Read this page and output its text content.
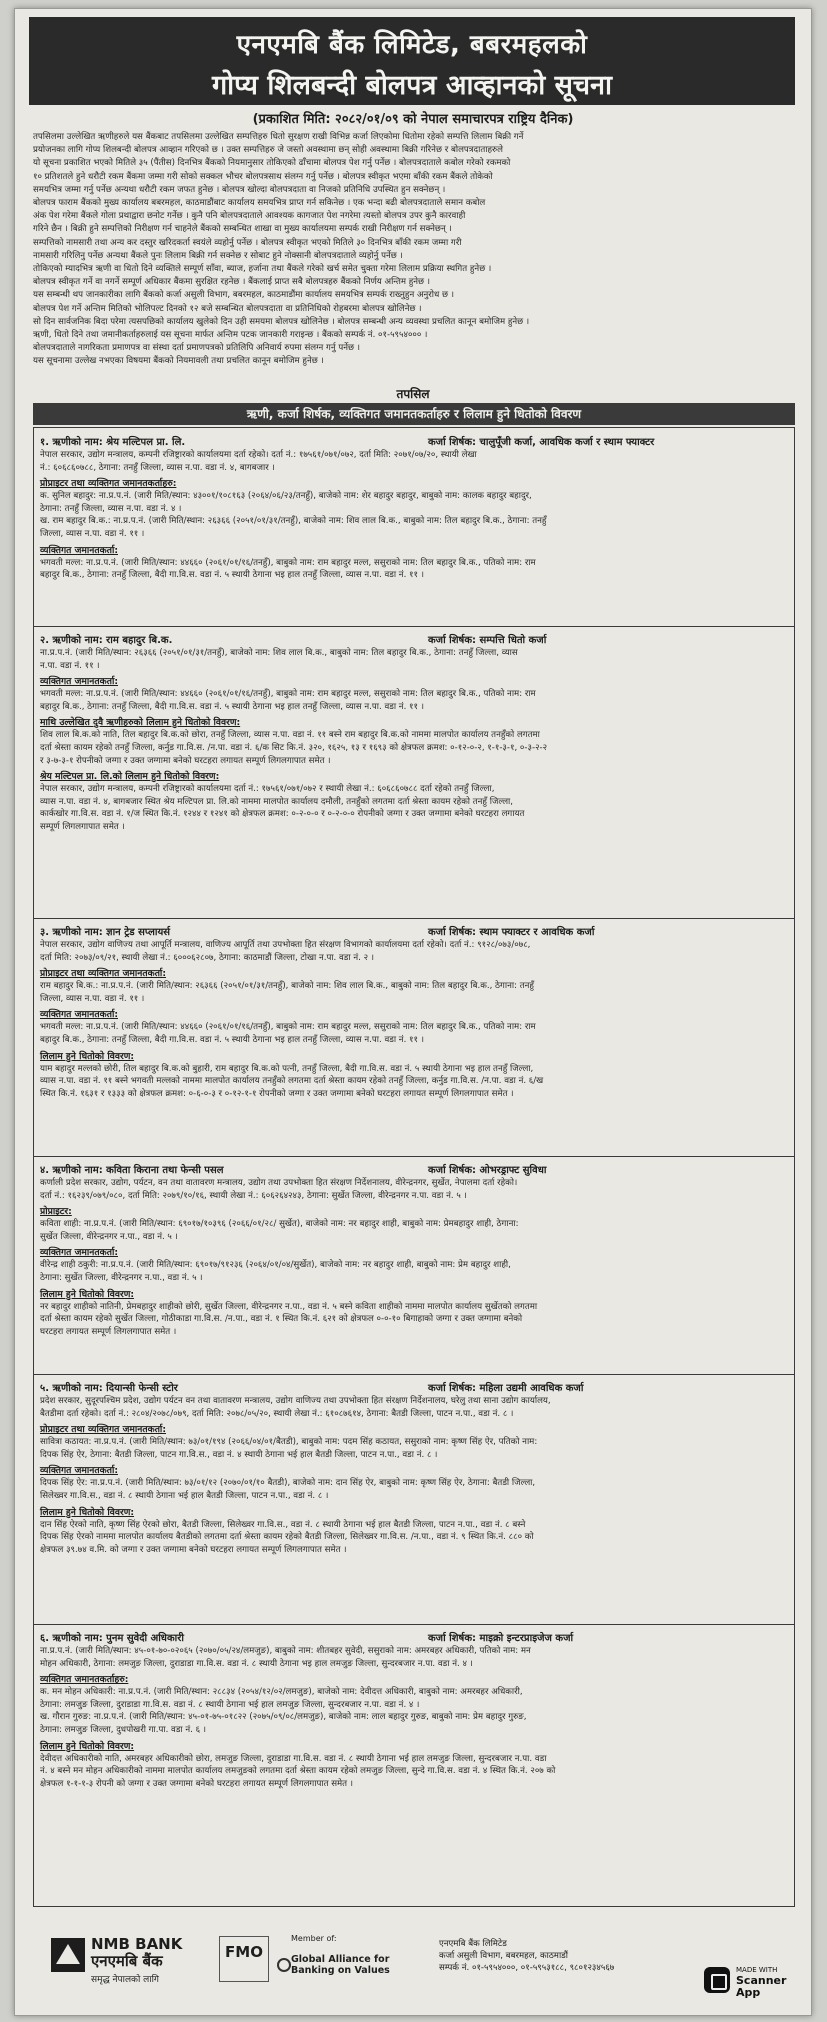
एनएमबि बैंक लिमिटेड, बबरमहलको
गोप्य शिलबन्दी बोलपत्र आव्हानको सूचना
(प्रकाशित मिति: २०८२/०१/०९ को नेपाल समाचारपत्र राष्ट्रिय दैनिक)
तपसिलमा उल्लेखित ऋणीहरुले यस बैंकबाट तपसिलमा उल्लेखित सम्पत्तिहरु धितो सुरक्षण राखी विभिन्न कर्जा लिएकोमा धितोमा रहेको सम्पत्ति लिलाम बिक्री गर्ने
प्रयोजनका लागि गोप्य शिलबन्दी बोलपत्र आव्हान गरिएको छ । उक्त सम्पत्तिहरु जे जस्तो अवस्थामा छन् सोही अवस्थामा बिक्री गरिनेछ र बोलपत्रदाताहरुले
यो सूचना प्रकाशित भएको मितिले ३५ (पैंतीस) दिनभित्र बैंकको नियमानुसार तोकिएको ढाँचामा बोलपत्र पेश गर्नु पर्नेछ । बोलपत्रदाताले कबोल गरेको रकमको
१० प्रतिशतले हुने धरौटी रकम बैंकमा जम्मा गरी सोको सक्कल भौचर बोलपत्रसाथ संलग्न गर्नु पर्नेछ । बोलपत्र स्वीकृत भएमा बाँकी रकम बैंकले तोकेको
समयभित्र जम्मा गर्नु पर्नेछ अन्यथा धरौटी रकम जफत हुनेछ । बोलपत्र खोल्दा बोलपत्रदाता वा निजको प्रतिनिधि उपस्थित हुन सक्नेछन् ।
बोलपत्र फाराम बैंकको मुख्य कार्यालय बबरमहल, काठमाडौंबाट कार्यालय समयभित्र प्राप्त गर्न सकिनेछ । एक भन्दा बढी बोलपत्रदाताले समान कबोल
अंक पेश गरेमा बैंकले गोला प्रथाद्वारा छनोट गर्नेछ । कुनै पनि बोलपत्रदाताले आवश्यक कागजात पेश नगरेमा त्यस्तो बोलपत्र उपर कुनै कारवाही
गरिने छैन । बिक्री हुने सम्पत्तिको निरीक्षण गर्न चाहनेले बैंकको सम्बन्धित शाखा वा मुख्य कार्यालयमा सम्पर्क राखी निरीक्षण गर्न सक्नेछन् ।
सम्पत्तिको नामसारी तथा अन्य कर दस्तुर खरिदकर्ता स्वयंले व्यहोर्नु पर्नेछ । बोलपत्र स्वीकृत भएको मितिले ३० दिनभित्र बाँकी रकम जम्मा गरी
नामसारी गरिलिनु पर्नेछ अन्यथा बैंकले पुनः लिलाम बिक्री गर्न सक्नेछ र सोबाट हुने नोक्सानी बोलपत्रदाताले व्यहोर्नु पर्नेछ ।
तोकिएको म्यादभित्र ऋणी वा धितो दिने व्यक्तिले सम्पूर्ण साँवा, ब्याज, हर्जाना तथा बैंकले गरेको खर्च समेत चुक्ता गरेमा लिलाम प्रक्रिया स्थगित हुनेछ ।
बोलपत्र स्वीकृत गर्ने वा नगर्ने सम्पूर्ण अधिकार बैंकमा सुरक्षित रहनेछ । बैंकलाई प्राप्त सबै बोलपत्रहरु बैंकको निर्णय अन्तिम हुनेछ ।
यस सम्बन्धी थप जानकारीका लागि बैंकको कर्जा असुली विभाग, बबरमहल, काठमाडौंमा कार्यालय समयभित्र सम्पर्क राख्नुहुन अनुरोध छ ।
बोलपत्र पेश गर्ने अन्तिम मितिको भोलिपल्ट दिनको १२ बजे सम्बन्धित बोलपत्रदाता वा प्रतिनिधिको रोहबरमा बोलपत्र खोलिनेछ ।
सो दिन सार्वजनिक बिदा परेमा त्यसपछिको कार्यालय खुलेको दिन उही समयमा बोलपत्र खोलिनेछ । बोलपत्र सम्बन्धी अन्य व्यवस्था प्रचलित कानून बमोजिम हुनेछ ।
ऋणी, धितो दिने तथा जमानीकर्ताहरुलाई यस सूचना मार्फत अन्तिम पटक जानकारी गराइन्छ । बैंकको सम्पर्क नं. ०१-५९५४००० ।
बोलपत्रदाताले नागरिकता प्रमाणपत्र वा संस्था दर्ता प्रमाणपत्रको प्रतिलिपि अनिवार्य रुपमा संलग्न गर्नु पर्नेछ ।
यस सूचनामा उल्लेख नभएका विषयमा बैंकको नियमावली तथा प्रचलित कानून बमोजिम हुनेछ ।
तपसिल
ऋणी, कर्जा शिर्षक, व्यक्तिगत जमानतकर्ताहरु र लिलाम हुने धितोको विवरण
१. ऋणीको नाम: श्रेय मल्टिपल प्रा. लि.	कर्जा शिर्षक: चालुपूँजी कर्जा, आवधिक कर्जा र स्थाम फ्याक्टर
नेपाल सरकार, उद्योग मन्त्रालय, कम्पनी रजिष्ट्रारको कार्यालयमा दर्ता रहेको। दर्ता नं.: १७५६१/०७१/०७२, दर्ता मिति: २०७१/०७/२०, स्थायी लेखा
नं.: ६०६८६०७८८, ठेगाना: तनहुँ जिल्ला, व्यास न.पा. वडा नं. ४, बागबजार ।
प्रोप्राइटर तथा व्यक्तिगत जमानतकर्ताहरु:
क. सुनिल बहादुर: ना.प्र.प.नं. (जारी मिति/स्थान: ४३००१/१०८१६३ (२०६४/०६/२३/तनहुँ), बाजेको नाम: शेर बहादुर बहादुर, बाबुको नाम: कालक बहादुर बहादुर,
ठेगाना: तनहुँ जिल्ला, व्यास न.पा. वडा नं. ४ ।
ख. राम बहादुर बि.क.: ना.प्र.प.नं. (जारी मिति/स्थान: २६३६६ (२०५१/०१/३१/तनहुँ), बाजेको नाम: शिव लाल बि.क., बाबुको नाम: तिल बहादुर बि.क., ठेगाना: तनहुँ
जिल्ला, व्यास न.पा. वडा नं. ११ ।
व्यक्तिगत जमानतकर्ता:
भगवती मल्ल: ना.प्र.प.नं. (जारी मिति/स्थान: ४४६६० (२०६१/०१/१६/तनहुँ), बाबुको नाम: राम बहादुर मल्ल, ससुराको नाम: तिल बहादुर बि.क., पतिको नाम: राम
बहादुर बि.क., ठेगाना: तनहुँ जिल्ला, बैदी गा.वि.स. वडा नं. ५ स्थायी ठेगाना भइ हाल तनहुँ जिल्ला, व्यास न.पा. वडा नं. ११ ।
२. ऋणीको नाम: राम बहादुर बि.क.	कर्जा शिर्षक: सम्पत्ति धितो कर्जा
ना.प्र.प.नं. (जारी मिति/स्थान: २६३६६ (२०५१/०१/३१/तनहुँ), बाजेको नाम: शिव लाल बि.क., बाबुको नाम: तिल बहादुर बि.क., ठेगाना: तनहुँ जिल्ला, व्यास
न.पा. वडा नं. ११ ।
व्यक्तिगत जमानतकर्ता:
भगवती मल्ल: ना.प्र.प.नं. (जारी मिति/स्थान: ४४६६० (२०६१/०१/१६/तनहुँ), बाबुको नाम: राम बहादुर मल्ल, ससुराको नाम: तिल बहादुर बि.क., पतिको नाम: राम
बहादुर बि.क., ठेगाना: तनहुँ जिल्ला, बैदी गा.वि.स. वडा नं. ५ स्थायी ठेगाना भइ हाल तनहुँ जिल्ला, व्यास न.पा. वडा नं. ११ ।
माथि उल्लेखित दुवै ऋणीहरुको लिलाम हुने धितोको विवरण:
शिव लाल बि.क.को नाति, तिल बहादुर बि.क.को छोरा, तनहुँ जिल्ला, व्यास न.पा. वडा नं. ११ बस्ने राम बहादुर बि.क.को नाममा मालपोत कार्यालय तनहुँको लगतमा
दर्ता श्रेस्ता कायम रहेको तनहुँ जिल्ला, कर्नुड गा.वि.स. /न.पा. वडा नं. ६/क सिट कि.नं. ३२०, १६२५, १३ र १६९३ को क्षेत्रफल क्रमश: ०-१२-०-२, १-१-३-१, ०-३-२-२
र ३-७-३-१ रोपनीको जग्गा र उक्त जग्गामा बनेको घरटहरा लगायत सम्पूर्ण लिगलगापात समेत ।
श्रेय मल्टिपल प्रा. लि.को लिलाम हुने धितोको विवरण:
नेपाल सरकार, उद्योग मन्त्रालय, कम्पनी रजिष्ट्रारको कार्यालयमा दर्ता नं.: १७५६१/०७१/०७२ र स्थायी लेखा नं.: ६०६८६०७८८ दर्ता रहेको तनहुँ जिल्ला,
व्यास न.पा. वडा नं. ४, बागबजार स्थित श्रेय मल्टिपल प्रा. लि.को नाममा मालपोत कार्यालय दमौली, तनहुँको लगतमा दर्ता श्रेस्ता कायम रहेको तनहुँ जिल्ला,
कार्कखोर गा.वि.स. वडा नं. १/ज स्थित कि.नं. १२४४ र १२४१ को क्षेत्रफल क्रमश: ०-२-०-० र ०-२-०-० रोपनीको जग्गा र उक्त जग्गामा बनेको घरटहरा लगायत
सम्पूर्ण लिगलगापात समेत ।
३. ऋणीको नाम: ज्ञान ट्रेड सप्लायर्स	कर्जा शिर्षक: स्थाम फ्याक्टर र आवधिक कर्जा
नेपाल सरकार, उद्योग वाणिज्य तथा आपूर्ति मन्त्रालय, वाणिज्य आपूर्ति तथा उपभोक्ता हित संरक्षण विभागको कार्यालयमा दर्ता रहेको। दर्ता नं.: ९१२८/०७३/०७८,
दर्ता मिति: २०७३/०९/२१, स्थायी लेखा नं.: ६०००६२८०७, ठेगाना: काठमाडौं जिल्ला, टोखा न.पा. वडा नं. २ ।
प्रोप्राइटर तथा व्यक्तिगत जमानतकर्ता:
राम बहादुर बि.क.: ना.प्र.प.नं. (जारी मिति/स्थान: २६३६६ (२०५१/०१/३१/तनहुँ), बाजेको नाम: शिव लाल बि.क., बाबुको नाम: तिल बहादुर बि.क., ठेगाना: तनहुँ
जिल्ला, व्यास न.पा. वडा नं. ११ ।
व्यक्तिगत जमानतकर्ता:
भगवती मल्ल: ना.प्र.प.नं. (जारी मिति/स्थान: ४४६६० (२०६१/०१/१६/तनहुँ), बाबुको नाम: राम बहादुर मल्ल, ससुराको नाम: तिल बहादुर बि.क., पतिको नाम: राम
बहादुर बि.क., ठेगाना: तनहुँ जिल्ला, बैदी गा.वि.स. वडा नं. ५ स्थायी ठेगाना भइ हाल तनहुँ जिल्ला, व्यास न.पा. वडा नं. ११ ।
लिलाम हुने धितोको विवरण:
याम बहादुर मल्लको छोरी, तिल बहादुर बि.क.को बुहारी, राम बहादुर बि.क.को पत्नी, तनहुँ जिल्ला, बैदी गा.वि.स. वडा नं. ५ स्थायी ठेगाना भइ हाल तनहुँ जिल्ला,
व्यास न.पा. वडा नं. ११ बस्ने भगवती मल्लको नाममा मालपोत कार्यालय तनहुँको लगतमा दर्ता श्रेस्ता कायम रहेको तनहुँ जिल्ला, कर्नुड गा.वि.स. /न.पा. वडा नं. ६/ख
स्थित कि.नं. १६३१ र १३३३ को क्षेत्रफल क्रमश: ०-६-०-३ र ०-१२-१-१ रोपनीको जग्गा र उक्त जग्गामा बनेको घरटहरा लगायत सम्पूर्ण लिगलगापात समेत ।
४. ऋणीको नाम: कविता किराना तथा फेन्सी पसल	कर्जा शिर्षक: ओभरड्राफ्ट सुविधा
कर्णाली प्रदेश सरकार, उद्योग, पर्यटन, वन तथा वातावरण मन्त्रालय, उद्योग तथा उपभोक्ता हित संरक्षण निर्देशनालय, वीरेन्द्रनगर, सुर्खेत, नेपालमा दर्ता रहेको।
दर्ता नं.: १६२३९/०७९/०८०, दर्ता मिति: २०७९/१०/१६, स्थायी लेखा नं.: ६०६२६४२४३, ठेगाना: सुर्खेत जिल्ला, वीरेन्द्रनगर न.पा. वडा नं. ५ ।
प्रोप्राइटर:
कविता शाही: ना.प्र.प.नं. (जारी मिति/स्थान: ६९०१७/१०३९६ (२०६६/०१/२८/ सुर्खेत), बाजेको नाम: नर बहादुर शाही, बाबुको नाम: प्रेमबहादुर शाही, ठेगाना:
सुर्खेत जिल्ला, वीरेन्द्रनगर न.पा., वडा नं. ५ ।
व्यक्तिगत जमानतकर्ता:
वीरेन्द्र शाही ठकुरी: ना.प्र.प.नं. (जारी मिति/स्थान: ६९०१७/९१२३६ (२०६४/०१/०४/सुर्खेत), बाजेको नाम: नर बहादुर शाही, बाबुको नाम: प्रेम बहादुर शाही,
ठेगाना: सुर्खेत जिल्ला, वीरेन्द्रनगर न.पा., वडा नं. ५ ।
लिलाम हुने धितोको विवरण:
नर बहादुर शाहीको नातिनी, प्रेमबहादुर शाहीको छोरी, सुर्खेत जिल्ला, वीरेन्द्रनगर न.पा., वडा नं. ५ बस्ने कविता शाहीको नाममा मालपोत कार्यालय सुर्खेतको लगतमा
दर्ता श्रेस्ता कायम रहेको सुर्खेत जिल्ला, गोठीकाडा गा.वि.स. /न.पा., वडा नं. १ स्थित कि.नं. ६२१ को क्षेत्रफल ०-०-१० बिगाहाको जग्गा र उक्त जग्गामा बनेको
घरटहरा लगायत सम्पूर्ण लिगलगापात समेत ।
५. ऋणीको नाम: दियान्सी फेन्सी स्टोर	कर्जा शिर्षक: महिला उद्यमी आवधिक कर्जा
प्रदेश सरकार, सुदूरपश्चिम प्रदेश, उद्योग पर्यटन वन तथा वातावरण मन्त्रालय, उद्योग वाणिज्य तथा उपभोक्ता हित संरक्षण निर्देशनालय, घरेलु तथा साना उद्योग कार्यालय,
बैतडीमा दर्ता रहेको। दर्ता नं.: २८०४/२०७८/०७९, दर्ता मिति: २०७८/०५/२०, स्थायी लेखा नं.: ६१०८७६१४, ठेगाना: बैतडी जिल्ला, पाटन न.पा., वडा नं. ८ ।
प्रोप्राइटर तथा व्यक्तिगत जमानतकर्ता:
सावित्रा कठायत: ना.प्र.प.नं. (जारी मिति/स्थान: ७३/०१/१९४ (२०६६/०४/०१/बैतडी), बाबुको नाम: पदम सिंह कठायत, ससुराको नाम: कृष्ण सिंह ऐर, पतिको नाम:
दिपक सिंह ऐर, ठेगाना: बैतडी जिल्ला, पाटन गा.वि.स., वडा नं. ४ स्थायी ठेगाना भई हाल बैतडी जिल्ला, पाटन न.पा., वडा नं. ८ ।
व्यक्तिगत जमानतकर्ता:
दिपक सिंह ऐर: ना.प्र.प.नं. (जारी मिति/स्थान: ७३/०१/१२ (२०७०/०१/१० बैतडी), बाजेको नाम: दान सिंह ऐर, बाबुको नाम: कृष्ण सिंह ऐर, ठेगाना: बैतडी जिल्ला,
सिलेख्वर गा.वि.स., वडा नं. ८ स्थायी ठेगाना भई हाल बैतडी जिल्ला, पाटन न.पा., वडा नं. ८ ।
लिलाम हुने धितोको विवरण:
दान सिंह ऐरको नाति, कृष्ण सिंह ऐरको छोरा, बैतडी जिल्ला, सिलेख्वर गा.वि.स., वडा नं. ८ स्थायी ठेगाना भई हाल बैतडी जिल्ला, पाटन न.पा., वडा नं. ८ बस्ने
दिपक सिंह ऐरको नाममा मालपोत कार्यालय बैतडीको लगतमा दर्ता श्रेस्ता कायम रहेको बैतडी जिल्ला, सिलेख्वर गा.वि.स. /न.पा., वडा नं. ९ स्थित कि.नं. ८८० को
क्षेत्रफल ३९.७४ व.मि. को जग्गा र उक्त जग्गामा बनेको घरटहरा लगायत सम्पूर्ण लिगलगापात समेत ।
६. ऋणीको नाम: पुनम सुवेदी अधिकारी	कर्जा शिर्षक: माइक्रो इन्टरप्राइजेज कर्जा
ना.प्र.प.नं. (जारी मिति/स्थान: ४५-०१-७०-०२०६५ (२०७०/०५/२४/लमजुङ), बाबुको नाम: शीतबहर सुवेदी, ससुराको नाम: अमरबहर अधिकारी, पतिको नाम: मन
मोहन अधिकारी, ठेगाना: लमजुङ जिल्ला, दुराडाडा गा.वि.स. वडा नं. ८ स्थायी ठेगाना भइ हाल लमजुङ जिल्ला, सुन्दरबजार न.पा. वडा नं. ४ ।
व्यक्तिगत जमानतकर्ताहरु:
क. मन मोहन अधिकारी: ना.प्र.प.नं. (जारी मिति/स्थान: २८८३४ (२०५४/१२/०२/लमजुङ), बाजेको नाम: देवीदत्त अधिकारी, बाबुको नाम: अमरबहर अधिकारी,
ठेगाना: लमजुङ जिल्ला, दुराडाडा गा.वि.स. वडा नं. ८ स्थायी ठेगाना भई हाल लमजुङ जिल्ला, सुन्दरबजार न.पा. वडा नं. ४ ।
ख. गौरान गुरुङ: ना.प्र.प.नं. (जारी मिति/स्थान: ४५-०१-७५-०१८२२ (२०७५/०९/०८/लमजुङ), बाजेको नाम: लाल बहादुर गुरुङ, बाबुको नाम: प्रेम बहादुर गुरुङ,
ठेगाना: लमजुङ जिल्ला, दुधपोखरी गा.पा. वडा नं. ६ ।
लिलाम हुने धितोको विवरण:
देवीदत्त अधिकारीको नाति, अमरबहर अधिकारीको छोरा, लमजुङ जिल्ला, दुराडाडा गा.वि.स. वडा नं. ८ स्थायी ठेगाना भई हाल लमजुङ जिल्ला, सुन्दरबजार न.पा. वडा
नं. ४ बस्ने मन मोहन अधिकारीको नाममा मालपोत कार्यालय लमजुङको लगतमा दर्ता श्रेस्ता कायम रहेको लमजुङ जिल्ला, सुन्दे गा.वि.स. वडा नं. ४ स्थित कि.नं. २०७ को
क्षेत्रफल १-१-१-३ रोपनी को जग्गा र उक्त जग्गामा बनेको घरटहरा लगायत सम्पूर्ण लिगलगापात समेत ।
NMB BANK
एनएमबि बैंक
समृद्ध नेपालको लागि
FMO
Member of:
Global Alliance for Banking on Values
एनएमबि बैंक लिमिटेड
कर्जा असुली विभाग, बबरमहल, काठमाडौं
सम्पर्क नं. ०१-५९५४०००, ०१-५९५३१८८, ९८०१२३४५६७	MADE WITH
Scanner
App
